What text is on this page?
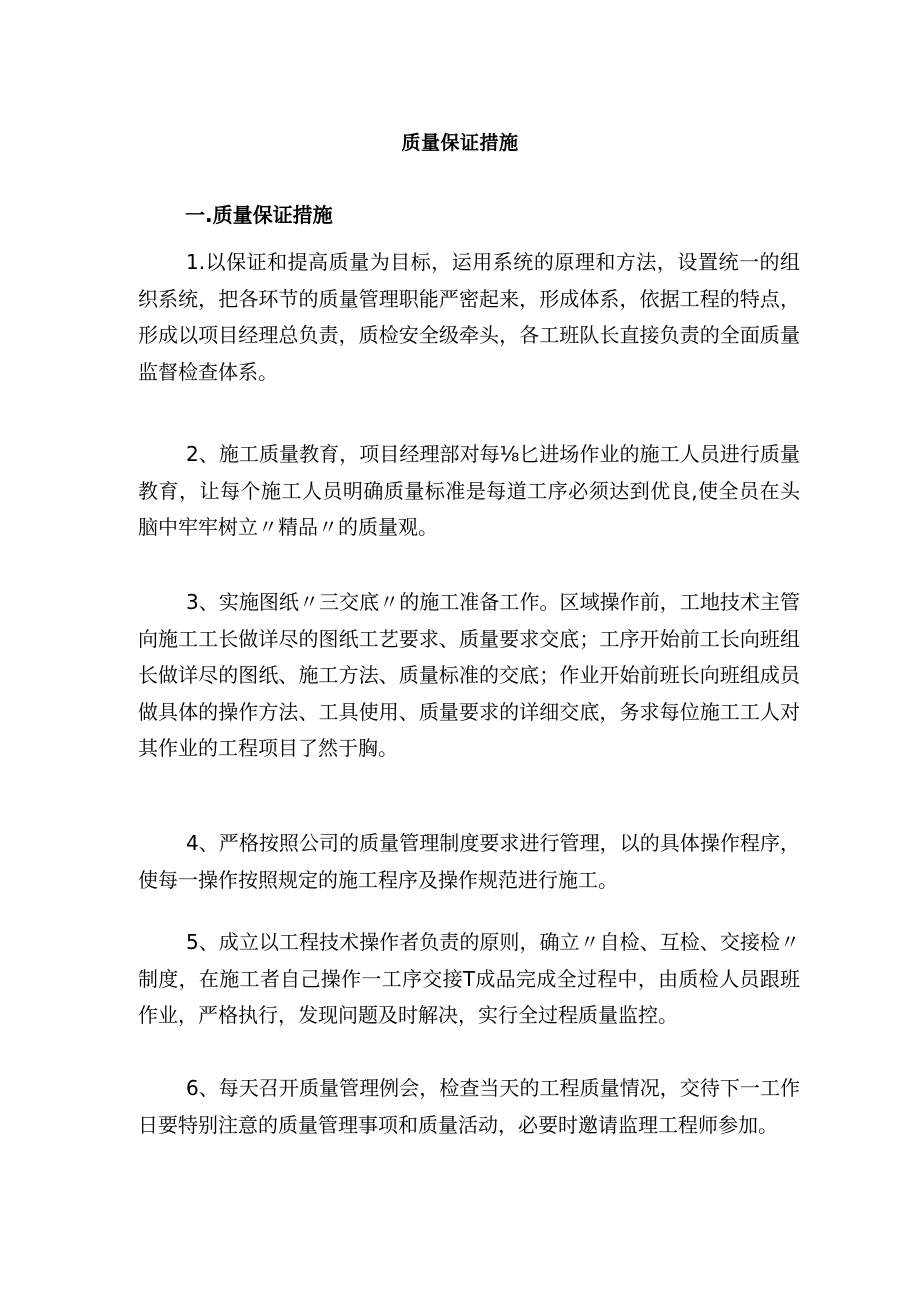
质量保证措施
一.质量保证措施

1.以保证和提高质量为目标，运用系统的原理和方法，设置统一的组织系统，把各环节的质量管理职能严密起来，形成体系，依据工程的特点，形成以项目经理总负责，质检安全级牵头，各工班队长直接负责的全面质量监督检查体系。

2、施工质量教育，项目经理部对每⅛匕进场作业的施工人员进行质量教育，让每个施工人员明确质量标准是每道工序必须达到优良,使全员在头脑中牢牢树立〃精品〃的质量观。

3、实施图纸〃三交底〃的施工准备工作。区域操作前，工地技术主管向施工工长做详尽的图纸工艺要求、质量要求交底；工序开始前工长向班组长做详尽的图纸、施工方法、质量标准的交底；作业开始前班长向班组成员做具体的操作方法、工具使用、质量要求的详细交底，务求每位施工工人对其作业的工程项目了然于胸。

4、严格按照公司的质量管理制度要求进行管理，以的具体操作程序，使每一操作按照规定的施工程序及操作规范进行施工。

5、成立以工程技术操作者负责的原则，确立〃自检、互检、交接检〃制度，在施工者自己操作一工序交接T成品完成全过程中，由质检人员跟班作业，严格执行，发现问题及时解决，实行全过程质量监控。

6、每天召开质量管理例会，检查当天的工程质量情况，交待下一工作日要特别注意的质量管理事项和质量活动，必要时邀请监理工程师参加。
